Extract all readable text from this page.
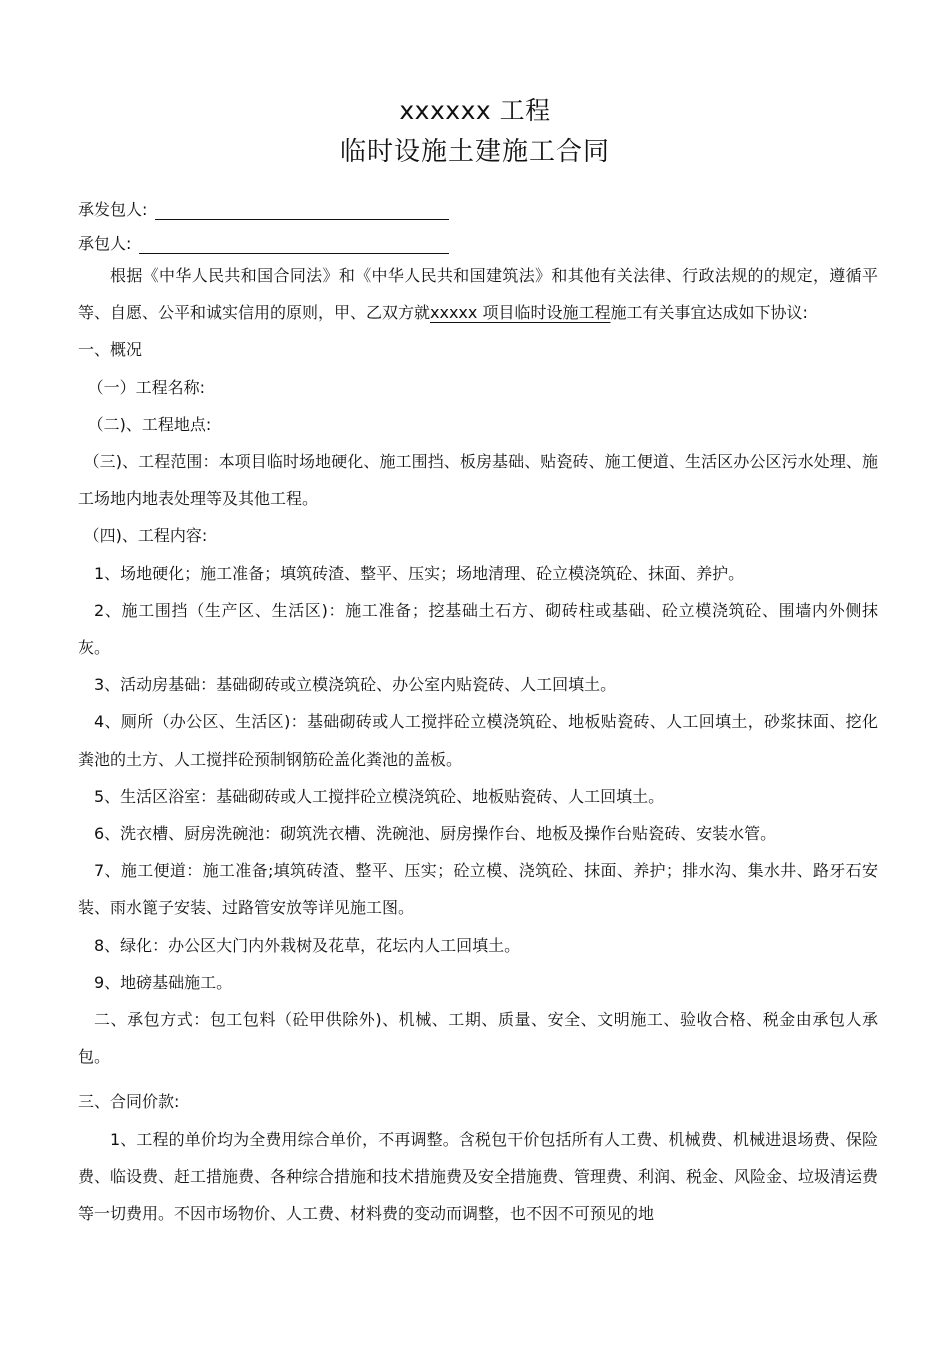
xxxxxx 工程
临时设施土建施工合同
承发包人:
承包人:

根据《中华人民共和国合同法》和《中华人民共和国建筑法》和其他有关法律、行政法规的的规定，遵循平等、自愿、公平和诚实信用的原则，甲、乙双方就xxxxx 项目临时设施工程施工有关事宜达成如下协议:

一、概况

（一）工程名称:

（二)、工程地点:

（三)、工程范围：本项目临时场地硬化、施工围挡、板房基础、贴瓷砖、施工便道、生活区办公区污水处理、施工场地内地表处理等及其他工程。

（四)、工程内容:

1、场地硬化；施工准备；填筑砖渣、整平、压实；场地清理、砼立模浇筑砼、抹面、养护。

2、施工围挡（生产区、生活区)：施工准备；挖基础土石方、砌砖柱或基础、砼立模浇筑砼、围墙内外侧抹灰。

3、活动房基础：基础砌砖或立模浇筑砼、办公室内贴瓷砖、人工回填土。

4、厕所（办公区、生活区)：基础砌砖或人工搅拌砼立模浇筑砼、地板贴瓷砖、人工回填土，砂浆抹面、挖化粪池的土方、人工搅拌砼预制钢筋砼盖化粪池的盖板。

5、生活区浴室：基础砌砖或人工搅拌砼立模浇筑砼、地板贴瓷砖、人工回填土。

6、洗衣槽、厨房洗碗池：砌筑洗衣槽、洗碗池、厨房操作台、地板及操作台贴瓷砖、安装水管。

7、施工便道：施工准备;填筑砖渣、整平、压实；砼立模、浇筑砼、抹面、养护；排水沟、集水井、路牙石安装、雨水篦子安装、过路管安放等详见施工图。

8、绿化：办公区大门内外栽树及花草，花坛内人工回填土。

9、地磅基础施工。

二、承包方式：包工包料（砼甲供除外)、机械、工期、质量、安全、文明施工、验收合格、税金由承包人承包。

三、合同价款:

1、工程的单价均为全费用综合单价，不再调整。含税包干价包括所有人工费、机械费、机械进退场费、保险费、临设费、赶工措施费、各种综合措施和技术措施费及安全措施费、管理费、利润、税金、风险金、垃圾清运费等一切费用。不因市场物价、人工费、材料费的变动而调整，也不因不可预见的地
